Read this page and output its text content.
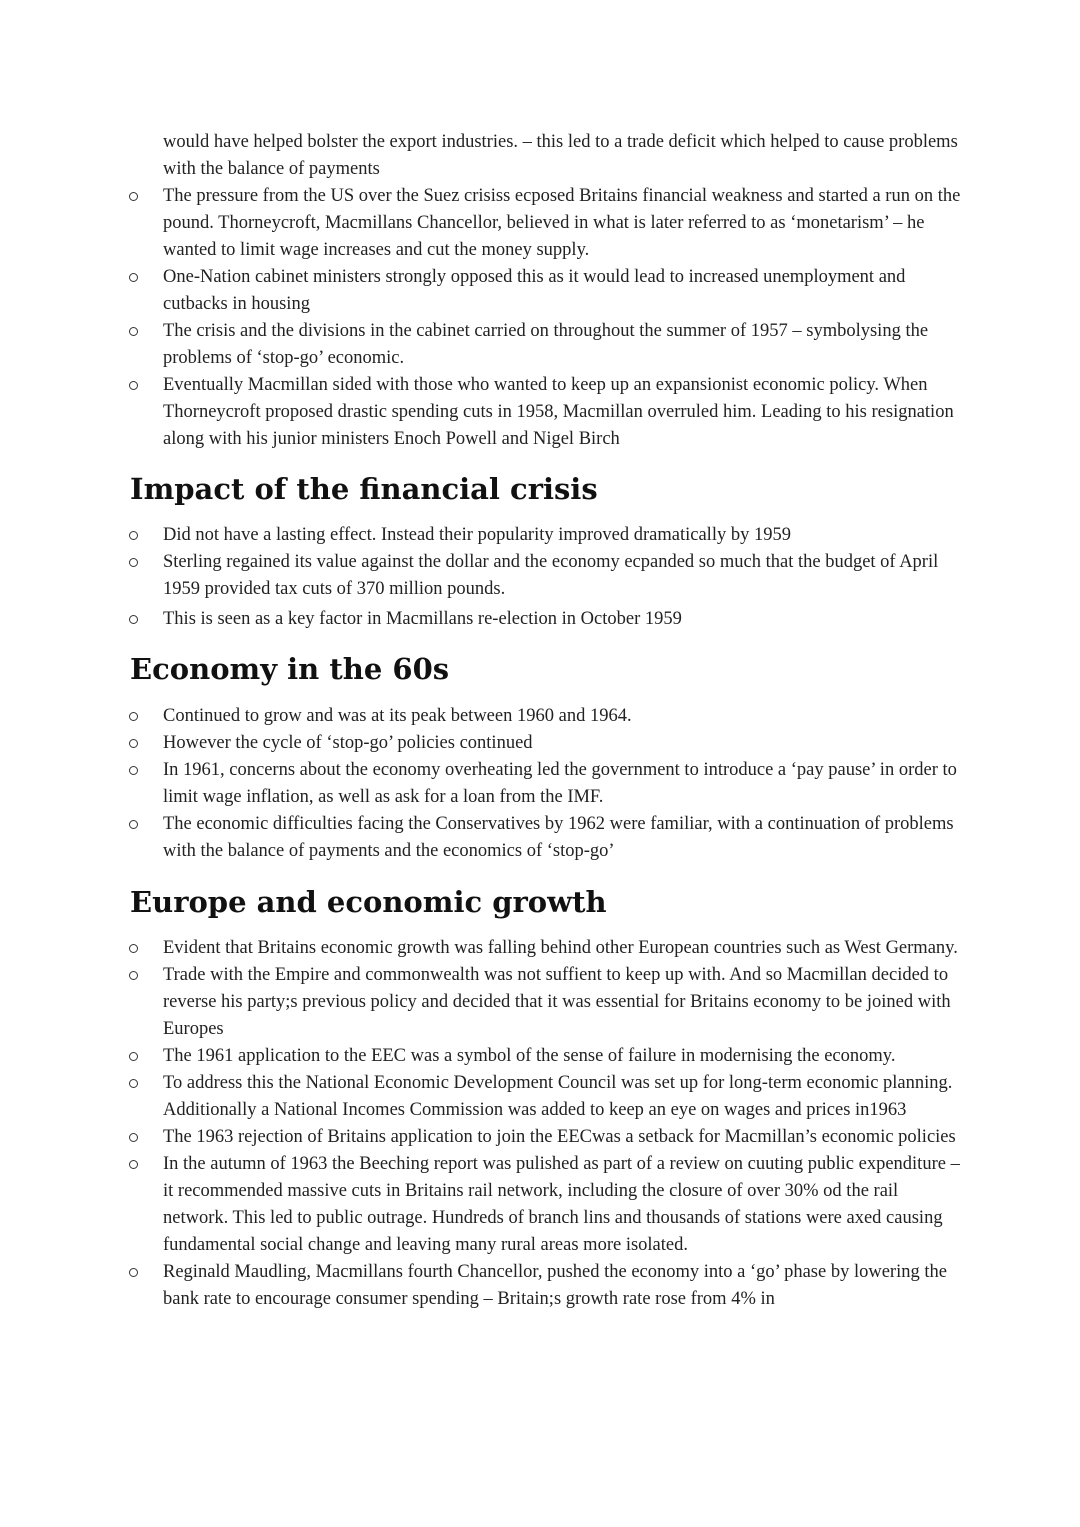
would have helped bolster the export industries. – this led to a trade deficit which helped to cause problems with the balance of payments

The pressure from the US over the Suez crisiss ecposed Britains financial weakness and started a run on the pound. Thorneycroft, Macmillans Chancellor, believed in what is later referred to as ‘monetarism’ – he wanted to limit wage increases and cut the money supply.
One-Nation cabinet ministers strongly opposed this as it would lead to increased unemployment and cutbacks in housing
The crisis and the divisions in the cabinet carried on throughout the summer of 1957 – symbolysing the problems of ‘stop-go’ economic.
Eventually Macmillan sided with those who wanted to keep up an expansionist economic policy. When Thorneycroft proposed drastic spending cuts in 1958, Macmillan overruled him. Leading to his resignation along with his junior ministers Enoch Powell and Nigel Birch
Impact of the financial crisis
Did not have a lasting effect. Instead their popularity improved dramatically by 1959
Sterling regained its value against the dollar and the economy ecpanded so much that the budget of April 1959 provided tax cuts of 370 million pounds.
This is seen as a key factor in Macmillans re-election in October 1959
Economy in the 60s
Continued to grow and was at its peak between 1960 and 1964.
However the cycle of ‘stop-go’ policies continued
In 1961, concerns about the economy overheating led the government to introduce a ‘pay pause’ in order to limit wage inflation, as well as ask for a loan from the IMF.
The economic difficulties facing the Conservatives by 1962 were familiar, with a continuation of problems with the balance of payments and the economics of ‘stop-go’
Europe and economic growth
Evident that Britains economic growth was falling behind other European countries such as West Germany.
Trade with the Empire and commonwealth was not suffient to keep up with. And so Macmillan decided to reverse his party;s previous policy and decided that it was essential for Britains economy to be joined with Europes
The 1961 application to the EEC was a symbol of the sense of failure in modernising the economy.
To address this the National Economic Development Council was set up for long-term economic planning. Additionally a National Incomes Commission was added to keep an eye on wages and prices in1963
The 1963 rejection of Britains application to join the EECwas a setback for Macmillan’s economic policies
In the autumn of 1963 the Beeching report was pulished as part of a review on cuuting public expenditure – it recommended massive cuts in Britains rail network, including the closure of over 30% od the rail network. This led to public outrage. Hundreds of branch lins and thousands of stations were axed causing fundamental social change and leaving many rural areas more isolated.
Reginald Maudling, Macmillans fourth Chancellor, pushed the economy into a ‘go’ phase by lowering the bank rate to encourage consumer spending – Britain;s growth rate rose from 4% in
